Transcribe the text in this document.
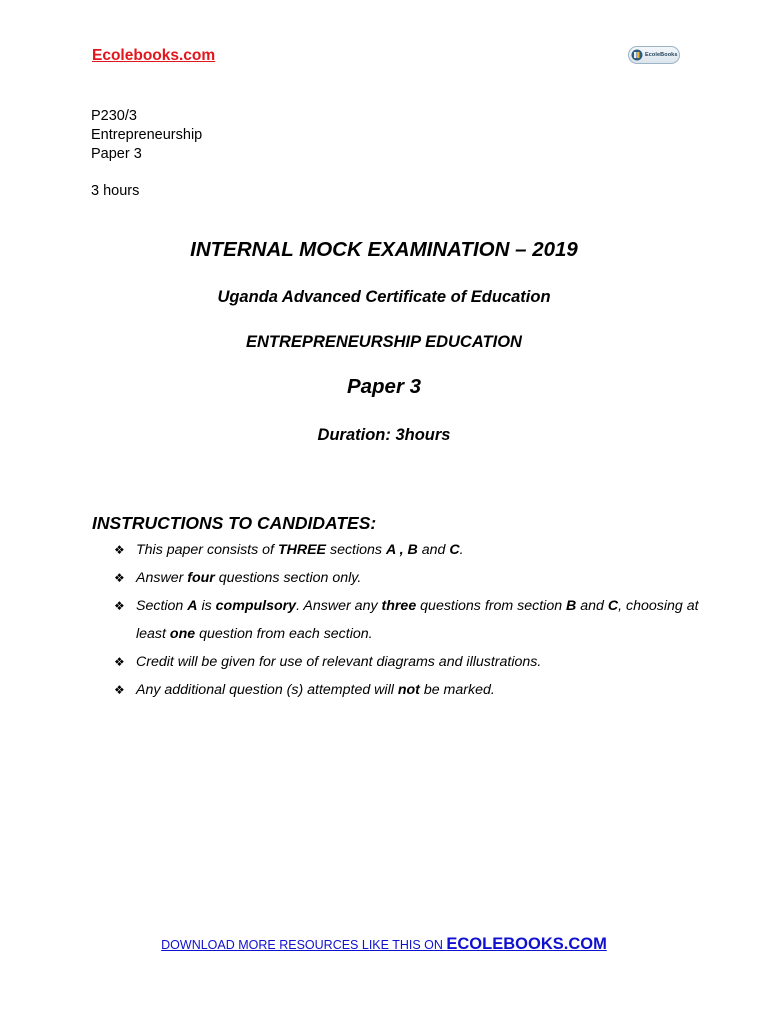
Ecolebooks.com	EcoleBooks
P230/3
Entrepreneurship
Paper 3
3 hours
INTERNAL MOCK EXAMINATION – 2019
Uganda Advanced Certificate of Education
ENTREPRENEURSHIP EDUCATION
Paper 3
Duration: 3hours
INSTRUCTIONS TO CANDIDATES:
❖ This paper consists of THREE sections A , B and C.
❖ Answer four questions section only.
❖ Section A is compulsory. Answer any three questions from section B and C, choosing at least one question from each section.
❖ Credit will be given for use of relevant diagrams and illustrations.
❖ Any additional question (s) attempted will not be marked.
DOWNLOAD MORE RESOURCES LIKE THIS ON ECOLEBOOKS.COM
